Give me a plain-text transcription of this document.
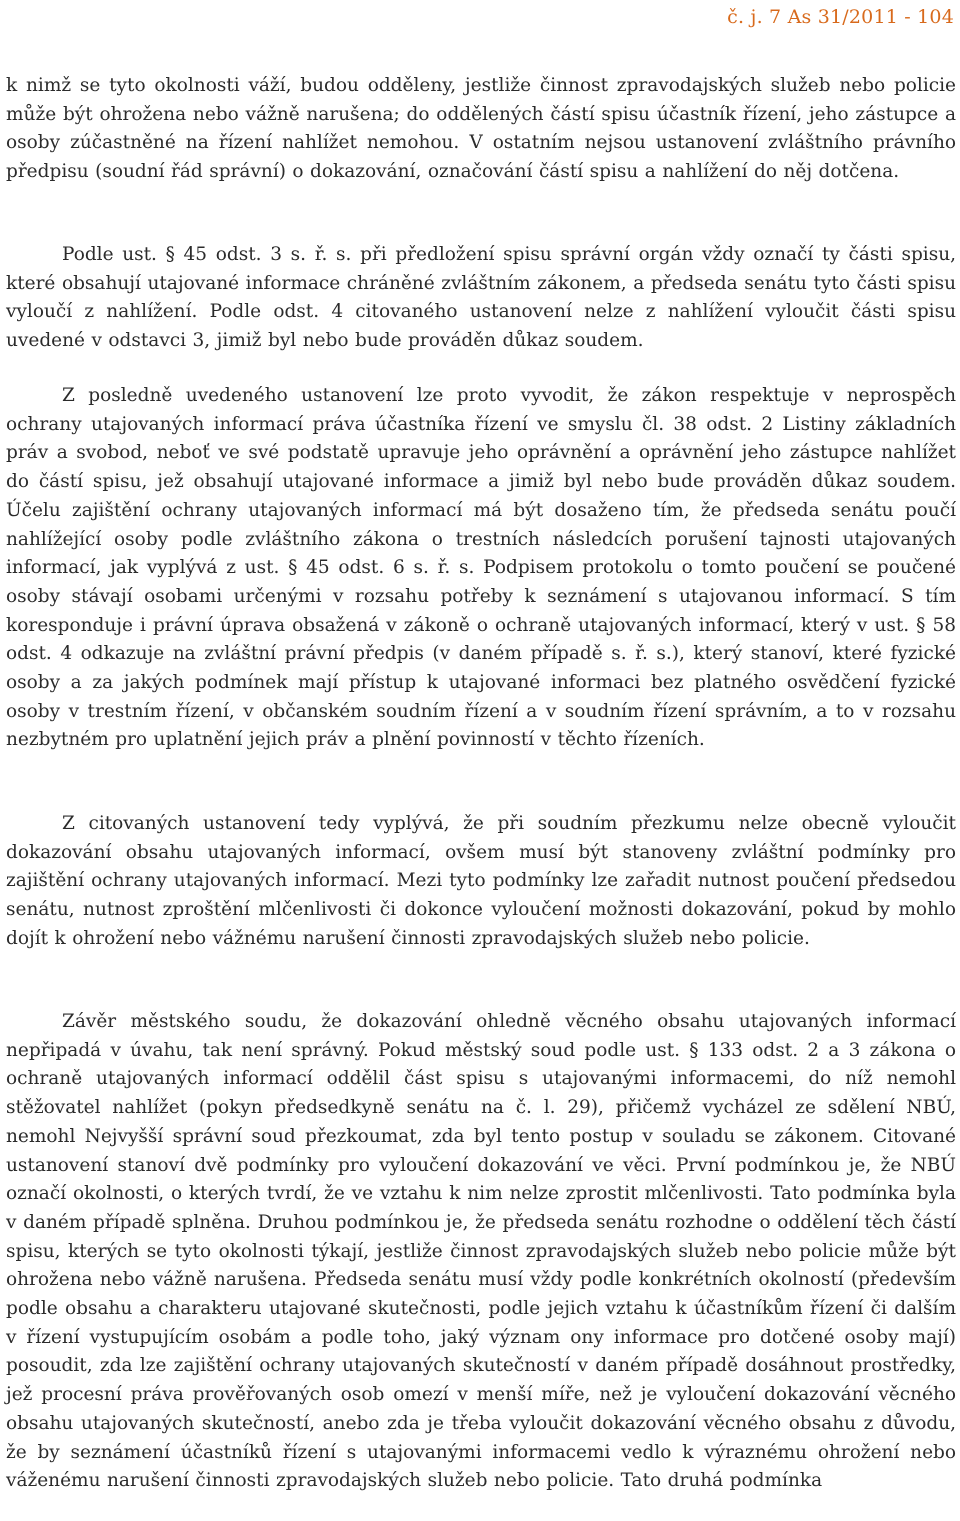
č. j. 7 As 31/2011 - 104

k nimž se tyto okolnosti váží, budou odděleny, jestliže činnost zpravodajských služeb nebo policie může být ohrožena nebo vážně narušena; do oddělených částí spisu účastník řízení, jeho zástupce a osoby zúčastněné na řízení nahlížet nemohou. V ostatním nejsou ustanovení zvláštního právního předpisu (soudní řád správní) o dokazování, označování částí spisu a nahlížení do něj dotčena.

Podle ust. § 45 odst. 3 s. ř. s. při předložení spisu správní orgán vždy označí ty části spisu, které obsahují utajované informace chráněné zvláštním zákonem, a předseda senátu tyto části spisu vyloučí z nahlížení. Podle odst. 4 citovaného ustanovení nelze z nahlížení vyloučit části spisu uvedené v odstavci 3, jimiž byl nebo bude prováděn důkaz soudem.

Z posledně uvedeného ustanovení lze proto vyvodit, že zákon respektuje v neprospěch ochrany utajovaných informací práva účastníka řízení ve smyslu čl. 38 odst. 2 Listiny základních práv a svobod, neboť ve své podstatě upravuje jeho oprávnění a oprávnění jeho zástupce nahlížet do částí spisu, jež obsahují utajované informace a jimiž byl nebo bude prováděn důkaz soudem. Účelu zajištění ochrany utajovaných informací má být dosaženo tím, že předseda senátu poučí nahlížející osoby podle zvláštního zákona o trestních následcích porušení tajnosti utajovaných informací, jak vyplývá z ust. § 45 odst. 6 s. ř. s. Podpisem protokolu o tomto poučení se poučené osoby stávají osobami určenými v rozsahu potřeby k seznámení s utajovanou informací. S tím koresponduje i právní úprava obsažená v zákoně o ochraně utajovaných informací, který v ust. § 58 odst. 4 odkazuje na zvláštní právní předpis (v daném případě s. ř. s.), který stanoví, které fyzické osoby a za jakých podmínek mají přístup k utajované informaci bez platného osvědčení fyzické osoby v trestním řízení, v občanském soudním řízení a v soudním řízení správním, a to v rozsahu nezbytném pro uplatnění jejich práv a plnění povinností v těchto řízeních.

Z citovaných ustanovení tedy vyplývá, že při soudním přezkumu nelze obecně vyloučit dokazování obsahu utajovaných informací, ovšem musí být stanoveny zvláštní podmínky pro zajištění ochrany utajovaných informací. Mezi tyto podmínky lze zařadit nutnost poučení předsedou senátu, nutnost zproštění mlčenlivosti či dokonce vyloučení možnosti dokazování, pokud by mohlo dojít k ohrožení nebo vážnému narušení činnosti zpravodajských služeb nebo policie.

Závěr městského soudu, že dokazování ohledně věcného obsahu utajovaných informací nepřipadá v úvahu, tak není správný. Pokud městský soud podle ust. § 133 odst. 2 a 3 zákona o ochraně utajovaných informací oddělil část spisu s utajovanými informacemi, do níž nemohl stěžovatel nahlížet (pokyn předsedkyně senátu na č. l. 29), přičemž vycházel ze sdělení NBÚ, nemohl Nejvyšší správní soud přezkoumat, zda byl tento postup v souladu se zákonem. Citované ustanovení stanoví dvě podmínky pro vyloučení dokazování ve věci. První podmínkou je, že NBÚ označí okolnosti, o kterých tvrdí, že ve vztahu k nim nelze zprostit mlčenlivosti. Tato podmínka byla v daném případě splněna. Druhou podmínkou je, že předseda senátu rozhodne o oddělení těch částí spisu, kterých se tyto okolnosti týkají, jestliže činnost zpravodajských služeb nebo policie může být ohrožena nebo vážně narušena. Předseda senátu musí vždy podle konkrétních okolností (především podle obsahu a charakteru utajované skutečnosti, podle jejich vztahu k účastníkům řízení či dalším v řízení vystupujícím osobám a podle toho, jaký význam ony informace pro dotčené osoby mají) posoudit, zda lze zajištění ochrany utajovaných skutečností v daném případě dosáhnout prostředky, jež procesní práva prověřovaných osob omezí v menší míře, než je vyloučení dokazování věcného obsahu utajovaných skutečností, anebo zda je třeba vyloučit dokazování věcného obsahu z důvodu, že by seznámení účastníků řízení s utajovanými informacemi vedlo k výraznému ohrožení nebo váženému narušení činnosti zpravodajských služeb nebo policie. Tato druhá podmínka
